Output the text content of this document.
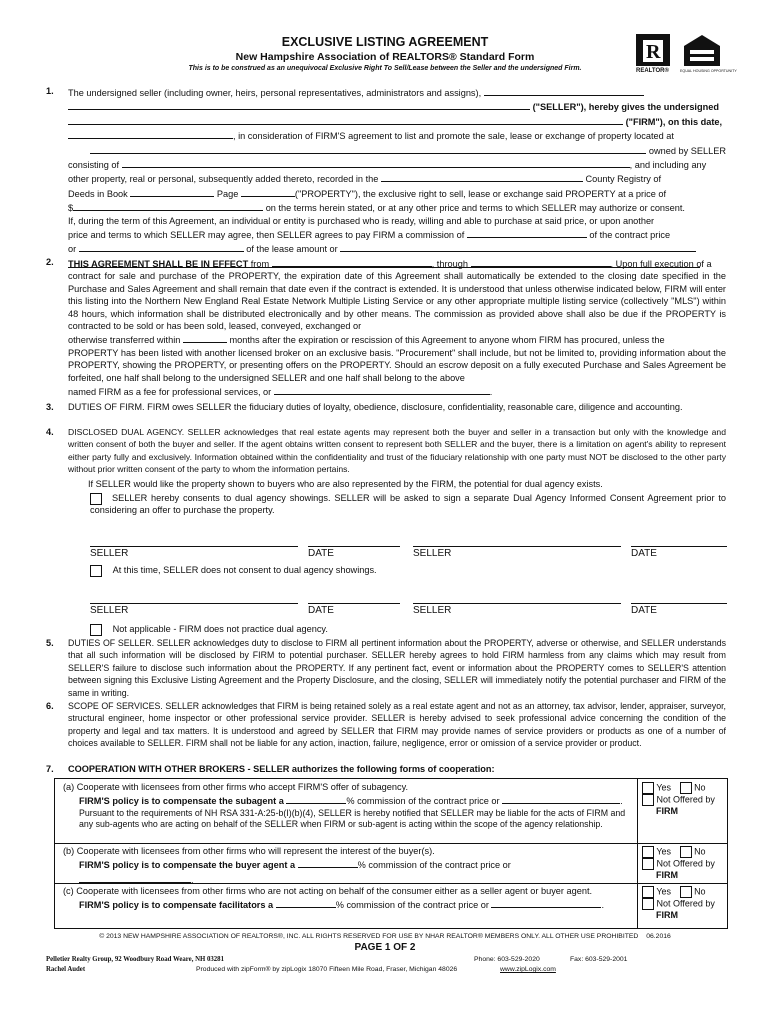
EXCLUSIVE LISTING AGREEMENT
New Hampshire Association of REALTORS® Standard Form
This is to be construed as an unequivocal Exclusive Right To Sell/Lease between the Seller and the undersigned Firm.
R
REALTOR®	EQUAL HOUSING OPPORTUNITY
1. The undersigned seller (including owner, heirs, personal representatives, administrators and assigns),
("SELLER"), hereby gives the undersigned
("FIRM"), on this date,
, in consideration of FIRM'S agreement to list and promote the sale, lease or exchange of property located at
owned by SELLER
consisting of	, and including any
other property, real or personal, subsequently added thereto, recorded in the	County Registry of
Deeds in Book	Page	("PROPERTY"), the exclusive right to sell, lease or exchange said PROPERTY at a price of
$	on the terms herein stated, or at any other price and terms to which SELLER may authorize or consent.
If, during the term of this Agreement, an individual or entity is purchased who is ready, willing and able to purchase at said price, or upon another
price and terms to which SELLER may agree, then SELLER agrees to pay FIRM a commission of	of the contract price
or	of the lease amount or
2. THIS AGREEMENT SHALL BE IN EFFECT from	, through	. Upon full execution of a
contract for sale and purchase of the PROPERTY, the expiration date of this Agreement shall automatically be extended to the closing date specified in the Purchase and Sales Agreement and shall remain that date even if the contract is extended. It is understood that unless otherwise indicated below, FIRM will enter this listing into the Northern New England Real Estate Network Multiple Listing Service or any other appropriate multiple listing service (collectively "MLS") within 48 hours, which information shall be distributed electronically and by other means. The commission as provided above shall also be due if the PROPERTY is contracted to be sold or has been sold, leased, conveyed, exchanged or
otherwise transferred within	months after the expiration or rescission of this Agreement to anyone whom FIRM has procured, unless the
PROPERTY has been listed with another licensed broker on an exclusive basis. "Procurement" shall include, but not be limited to, providing information about the PROPERTY, showing the PROPERTY, or presenting offers on the PROPERTY. Should an escrow deposit on a fully executed Purchase and Sales Agreement be forfeited, one half shall belong to the undersigned SELLER and one half shall belong to the above
named FIRM as a fee for professional services, or	.
3. DUTIES OF FIRM. FIRM owes SELLER the fiduciary duties of loyalty, obedience, disclosure, confidentiality, reasonable care, diligence and accounting.
4. DISCLOSED DUAL AGENCY. SELLER acknowledges that real estate agents may represent both the buyer and seller in a transaction but only with the knowledge and written consent of both the buyer and seller. If the agent obtains written consent to represent both SELLER and the buyer, there is a limitation on agent's ability to represent either party fully and exclusively. Information obtained within the confidentiality and trust of the fiduciary relationship with one party must NOT be disclosed to the other party without prior written consent of the party to whom the information pertains.
If SELLER would like the property shown to buyers who are also represented by the FIRM, the potential for dual agency exists.
SELLER hereby consents to dual agency showings. SELLER will be asked to sign a separate Dual Agency Informed Consent Agreement prior to considering an offer to purchase the property.
SELLER	DATE	SELLER	DATE
At this time, SELLER does not consent to dual agency showings.
SELLER	DATE	SELLER	DATE
Not applicable - FIRM does not practice dual agency.
5. DUTIES OF SELLER. SELLER acknowledges duty to disclose to FIRM all pertinent information about the PROPERTY, adverse or otherwise, and SELLER understands that all such information will be disclosed by FIRM to potential purchaser. SELLER hereby agrees to hold FIRM harmless from any claims which may result from SELLER'S failure to disclose such information about the PROPERTY. If any pertinent fact, event or information about the PROPERTY comes to SELLER'S attention between signing this Exclusive Listing Agreement and the Property Disclosure, and the closing, SELLER will immediately notify the potential purchaser and FIRM of the same in writing.
6. SCOPE OF SERVICES. SELLER acknowledges that FIRM is being retained solely as a real estate agent and not as an attorney, tax advisor, lender, appraiser, surveyor, structural engineer, home inspector or other professional service provider. SELLER is hereby advised to seek professional advice concerning the condition of the property and legal and tax matters. It is understood and agreed by SELLER that FIRM may provide names of service providers or products as one of a number of choices available to SELLER. FIRM shall not be liable for any action, inaction, failure, negligence, error or omission of a service provider or product.
7. COOPERATION WITH OTHER BROKERS - SELLER authorizes the following forms of cooperation:
(a) Cooperate with licensees from other firms who accept FIRM'S offer of subagency.
FIRM'S policy is to compensate the subagent a	% commission of the contract price or	.
Pursuant to the requirements of NH RSA 331-A:25-b(I)(b)(4), SELLER is hereby notified that SELLER may be liable for the acts of FIRM and any sub-agents who are acting on behalf of the SELLER when FIRM or sub-agent is acting within the scope of the agency relationship.
Yes	No
Not Offered by
FIRM
(b) Cooperate with licensees from other firms who will represent the interest of the buyer(s).
FIRM'S policy is to compensate the buyer agent a	% commission of the contract price or
.
Yes	No
Not Offered by
FIRM
(c) Cooperate with licensees from other firms who are not acting on behalf of the consumer either as a seller agent or buyer agent.
FIRM'S policy is to compensate facilitators a	% commission of the contract price or	.
Yes	No
Not Offered by
FIRM
© 2013 NEW HAMPSHIRE ASSOCIATION OF REALTORS®, INC. ALL RIGHTS RESERVED FOR USE BY NHAR REALTOR® MEMBERS ONLY. ALL OTHER USE PROHIBITED 06.2016
PAGE 1 OF 2
Pelletier Realty Group, 92 Woodbury Road Weare, NH 03281	Phone: 603-529-2020	Fax: 603-529-2001
Rachel Audet	Produced with zipForm® by zipLogix 18070 Fifteen Mile Road, Fraser, Michigan 48026	www.zipLogix.com
